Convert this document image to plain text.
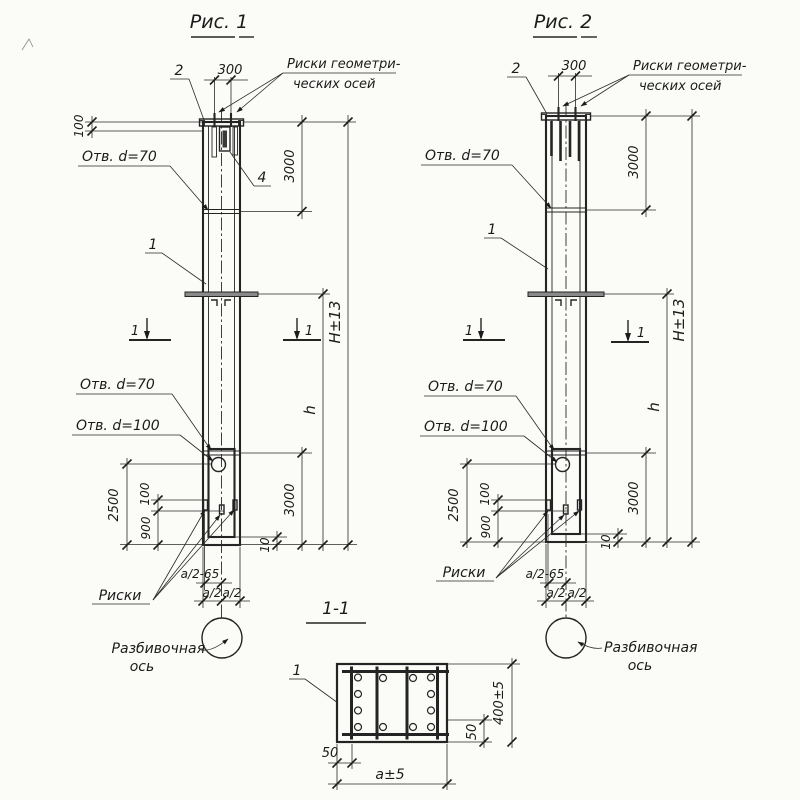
Рис. 1
300
100
3000
h
H±13
2500 100
900
3000
10
a/2-65
a/2 a/2
1	1
2	Риски геометри-
ческих осей
Отв. d=70
4
1
Отв. d=70
Отв. d=100
Риски
Разбивочная
ось
Рис. 2
300
3000
h
H±13
2500 100
900
3000
10
a/2-65
a/2 a/2
1	1
2	Риски геометри-
ческих осей
Отв. d=70
1
Отв. d=70
Отв. d=100
Риски
Разбивочная
ось
1-1
1
50
a±5
50
400±5
